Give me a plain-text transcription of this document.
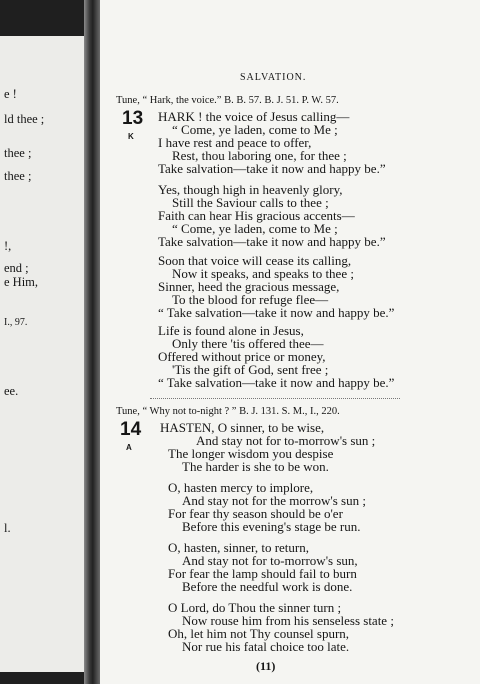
e !
ld thee ;
thee ;
thee ;
!,
end ;
e Him,
I., 97.
ee.
l.
SALVATION.
Tune, “ Hark, the voice.” B. B. 57. B. J. 51. P. W. 57.
13
K
HARK ! the voice of Jesus calling—
“ Come, ye laden, come to Me ;
I have rest and peace to offer,
Rest, thou laboring one, for thee ;
Take salvation—take it now and happy be.”
Yes, though high in heavenly glory,
Still the Saviour calls to thee ;
Faith can hear His gracious accents—
“ Come, ye laden, come to Me ;
Take salvation—take it now and happy be.”
Soon that voice will cease its calling,
Now it speaks, and speaks to thee ;
Sinner, heed the gracious message,
To the blood for refuge flee—
“ Take salvation—take it now and happy be.”
Life is found alone in Jesus,
Only there 'tis offered thee—
Offered without price or money,
'Tis the gift of God, sent free ;
“ Take salvation—take it now and happy be.”
Tune, “ Why not to-night ? ” B. J. 131. S. M., I., 220.
14
A
HASTEN, O sinner, to be wise,
And stay not for to-morrow's sun ;
The longer wisdom you despise
The harder is she to be won.
O, hasten mercy to implore,
And stay not for the morrow's sun ;
For fear thy season should be o'er
Before this evening's stage be run.
O, hasten, sinner, to return,
And stay not for to-morrow's sun,
For fear the lamp should fail to burn
Before the needful work is done.
O Lord, do Thou the sinner turn ;
Now rouse him from his senseless state ;
Oh, let him not Thy counsel spurn,
Nor rue his fatal choice too late.
(11)
